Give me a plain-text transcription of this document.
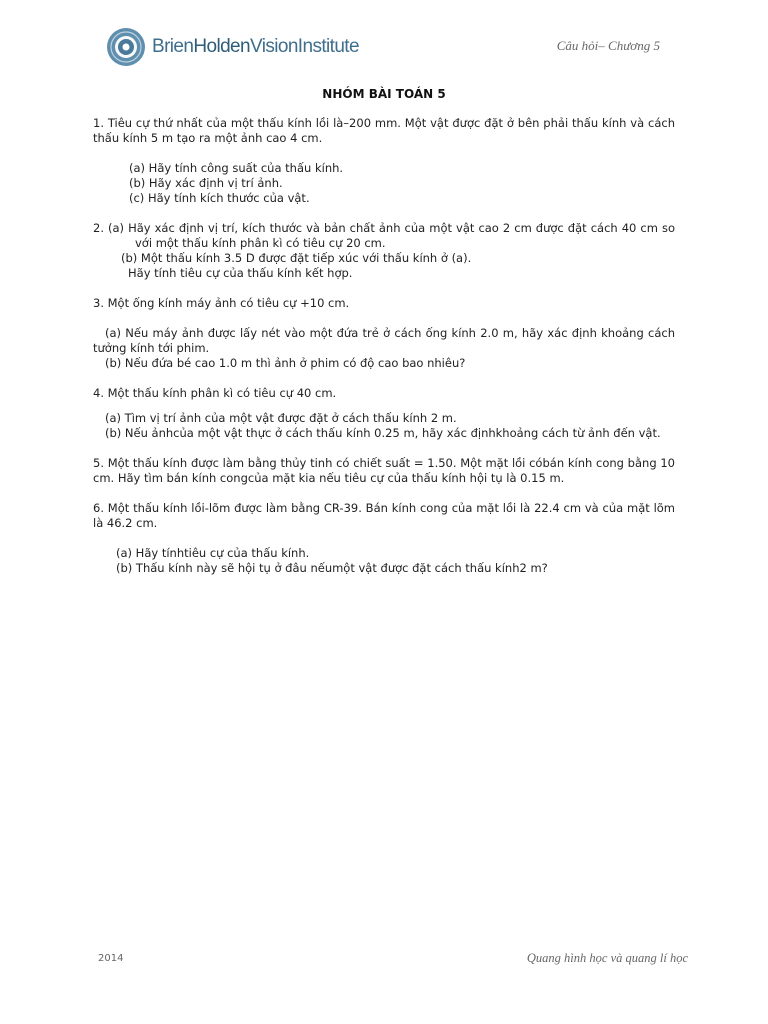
BrienHoldenVisionInstitute	Câu hỏi– Chương 5
NHÓM BÀI TOÁN 5

1. Tiêu cự thứ nhất của một thấu kính lồi là–200 mm. Một vật được đặt ở bên phải thấu kính và cách thấu kính 5 m tạo ra một ảnh cao 4 cm.

(a) Hãy tính công suất của thấu kính.

(b) Hãy xác định vị trí ảnh.

(c) Hãy tính kích thước của vật.

2. (a) Hãy xác định vị trí, kích thước và bản chất ảnh của một vật cao 2 cm được đặt cách 40 cm so với một thấu kính phân kì có tiêu cự 20 cm.

(b) Một thấu kính 3.5 D được đặt tiếp xúc với thấu kính ở (a).

Hãy tính tiêu cự của thấu kính kết hợp.

3. Một ống kính máy ảnh có tiêu cự +10 cm.

(a) Nếu máy ảnh được lấy nét vào một đứa trẻ ở cách ống kính 2.0 m, hãy xác định khoảng cách tưởng kính tới phim.

(b) Nếu đứa bé cao 1.0 m thì ảnh ở phim có độ cao bao nhiêu?

4. Một thấu kính phân kì có tiêu cự 40 cm.

(a) Tìm vị trí ảnh của một vật được đặt ở cách thấu kính 2 m.

(b) Nếu ảnhcủa một vật thực ở cách thấu kính 0.25 m, hãy xác địnhkhoảng cách từ ảnh đến vật.

5. Một thấu kính được làm bằng thủy tinh có chiết suất = 1.50. Một mặt lồi cóbán kính cong bằng 10 cm. Hãy tìm bán kính congcủa mặt kia nếu tiêu cự của thấu kính hội tụ là 0.15 m.

6. Một thấu kính lồi-lõm được làm bằng CR-39. Bán kính cong của mặt lồi là 22.4 cm và của mặt lõm là 46.2 cm.

(a) Hãy tínhtiêu cự của thấu kính.

(b) Thấu kính này sẽ hội tụ ở đâu nếumột vật được đặt cách thấu kính2 m?

2014	Quang hình học và quang lí học
